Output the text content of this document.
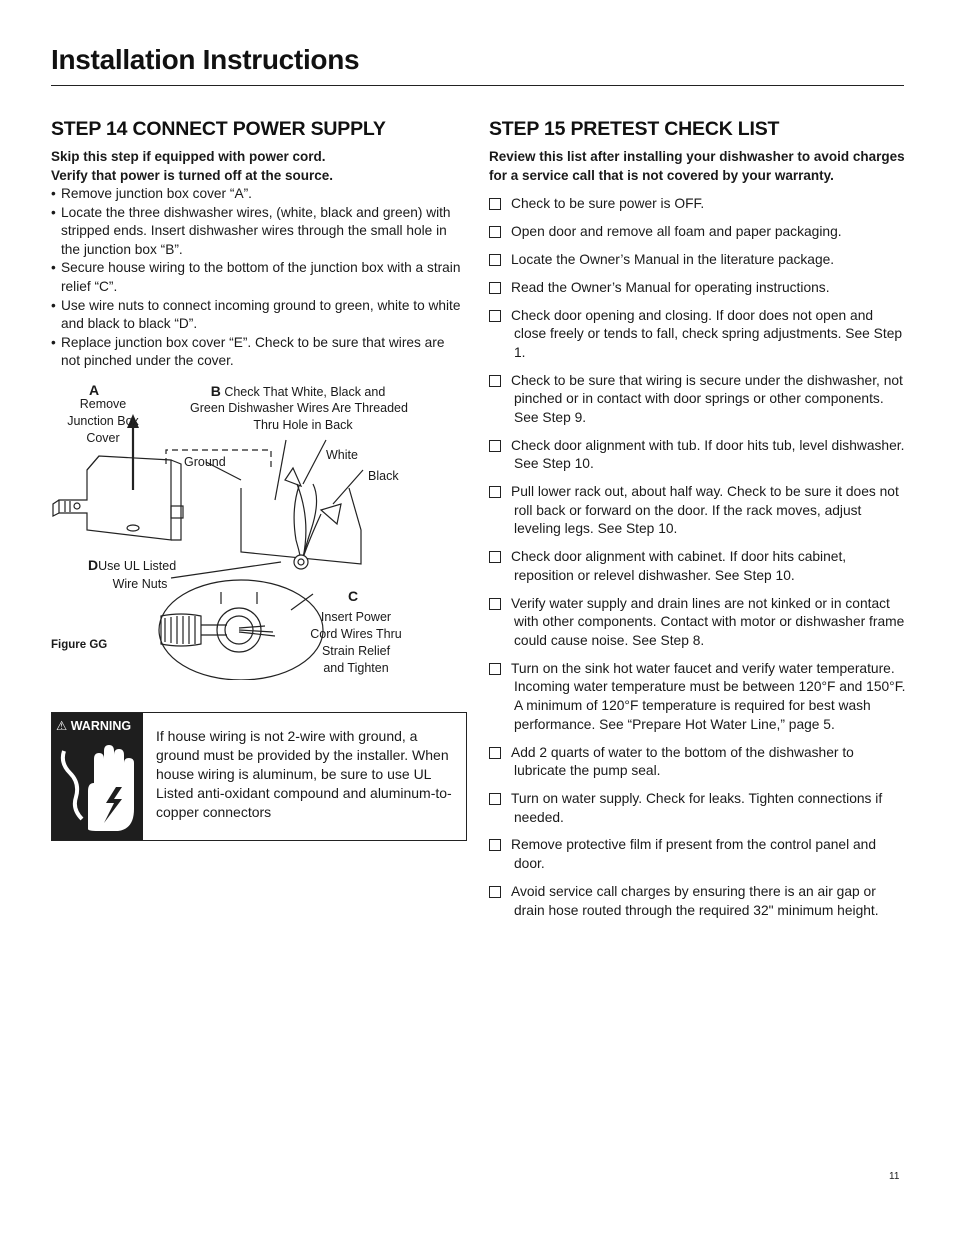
Installation Instructions
STEP 14 CONNECT POWER SUPPLY

Skip this step if equipped with power cord.

Verify that power is turned off at the source.

• Remove junction box cover “A”.
• Locate the three dishwasher wires, (white, black and green) with stripped ends. Insert dishwasher wires through the small hole in the junction box “B”.
• Secure house wiring to the bottom of the junction box with a strain relief “C”.
• Use wire nuts to connect incoming ground to green, white to white and black to black “D”.
• Replace junction box cover “E”. Check to be sure that wires are not pinched under the cover.
A
Remove Junction Box Cover
B Check That White, Black and
Green Dishwasher Wires Are Threaded
Thru Hole in Back
Ground	White
Black
DUse UL Listed
Wire Nuts
C
Insert Power
Cord Wires Thru
Strain Relief
and Tighten
Figure GG
⚠ WARNING

If house wiring is not 2-wire with ground, a ground must be provided by the installer. When house wiring is aluminum, be sure to use UL Listed anti-oxidant compound and aluminum-to-copper connectors

STEP 15 PRETEST CHECK LIST

Review this list after installing your dishwasher to avoid charges for a service call that is not covered by your warranty.

Check to be sure power is OFF.
Open door and remove all foam and paper packaging.
Locate the Owner’s Manual in the literature package.
Read the Owner’s Manual for operating instructions.
Check door opening and closing. If door does not open and close freely or tends to fall, check spring adjustments. See Step 1.
Check to be sure that wiring is secure under the dishwasher, not pinched or in contact with door springs or other components. See Step 9.
Check door alignment with tub. If door hits tub, level dishwasher. See Step 10.
Pull lower rack out, about half way. Check to be sure it does not roll back or forward on the door. If the rack moves, adjust leveling legs. See Step 10.
Check door alignment with cabinet. If door hits cabinet, reposition or relevel dishwasher. See Step 10.
Verify water supply and drain lines are not kinked or in contact with other components. Contact with motor or dishwasher frame could cause noise. See Step 8.
Turn on the sink hot water faucet and verify water temperature. Incoming water temperature must be between 120°F and 150°F. A minimum of 120°F temperature is required for best wash performance. See “Prepare Hot Water Line,” page 5.
Add 2 quarts of water to the bottom of the dishwasher to lubricate the pump seal.
Turn on water supply. Check for leaks. Tighten connections if needed.
Remove protective film if present from the control panel and door.
Avoid service call charges by ensuring there is an air gap or drain hose routed through the required 32" minimum height.
11
